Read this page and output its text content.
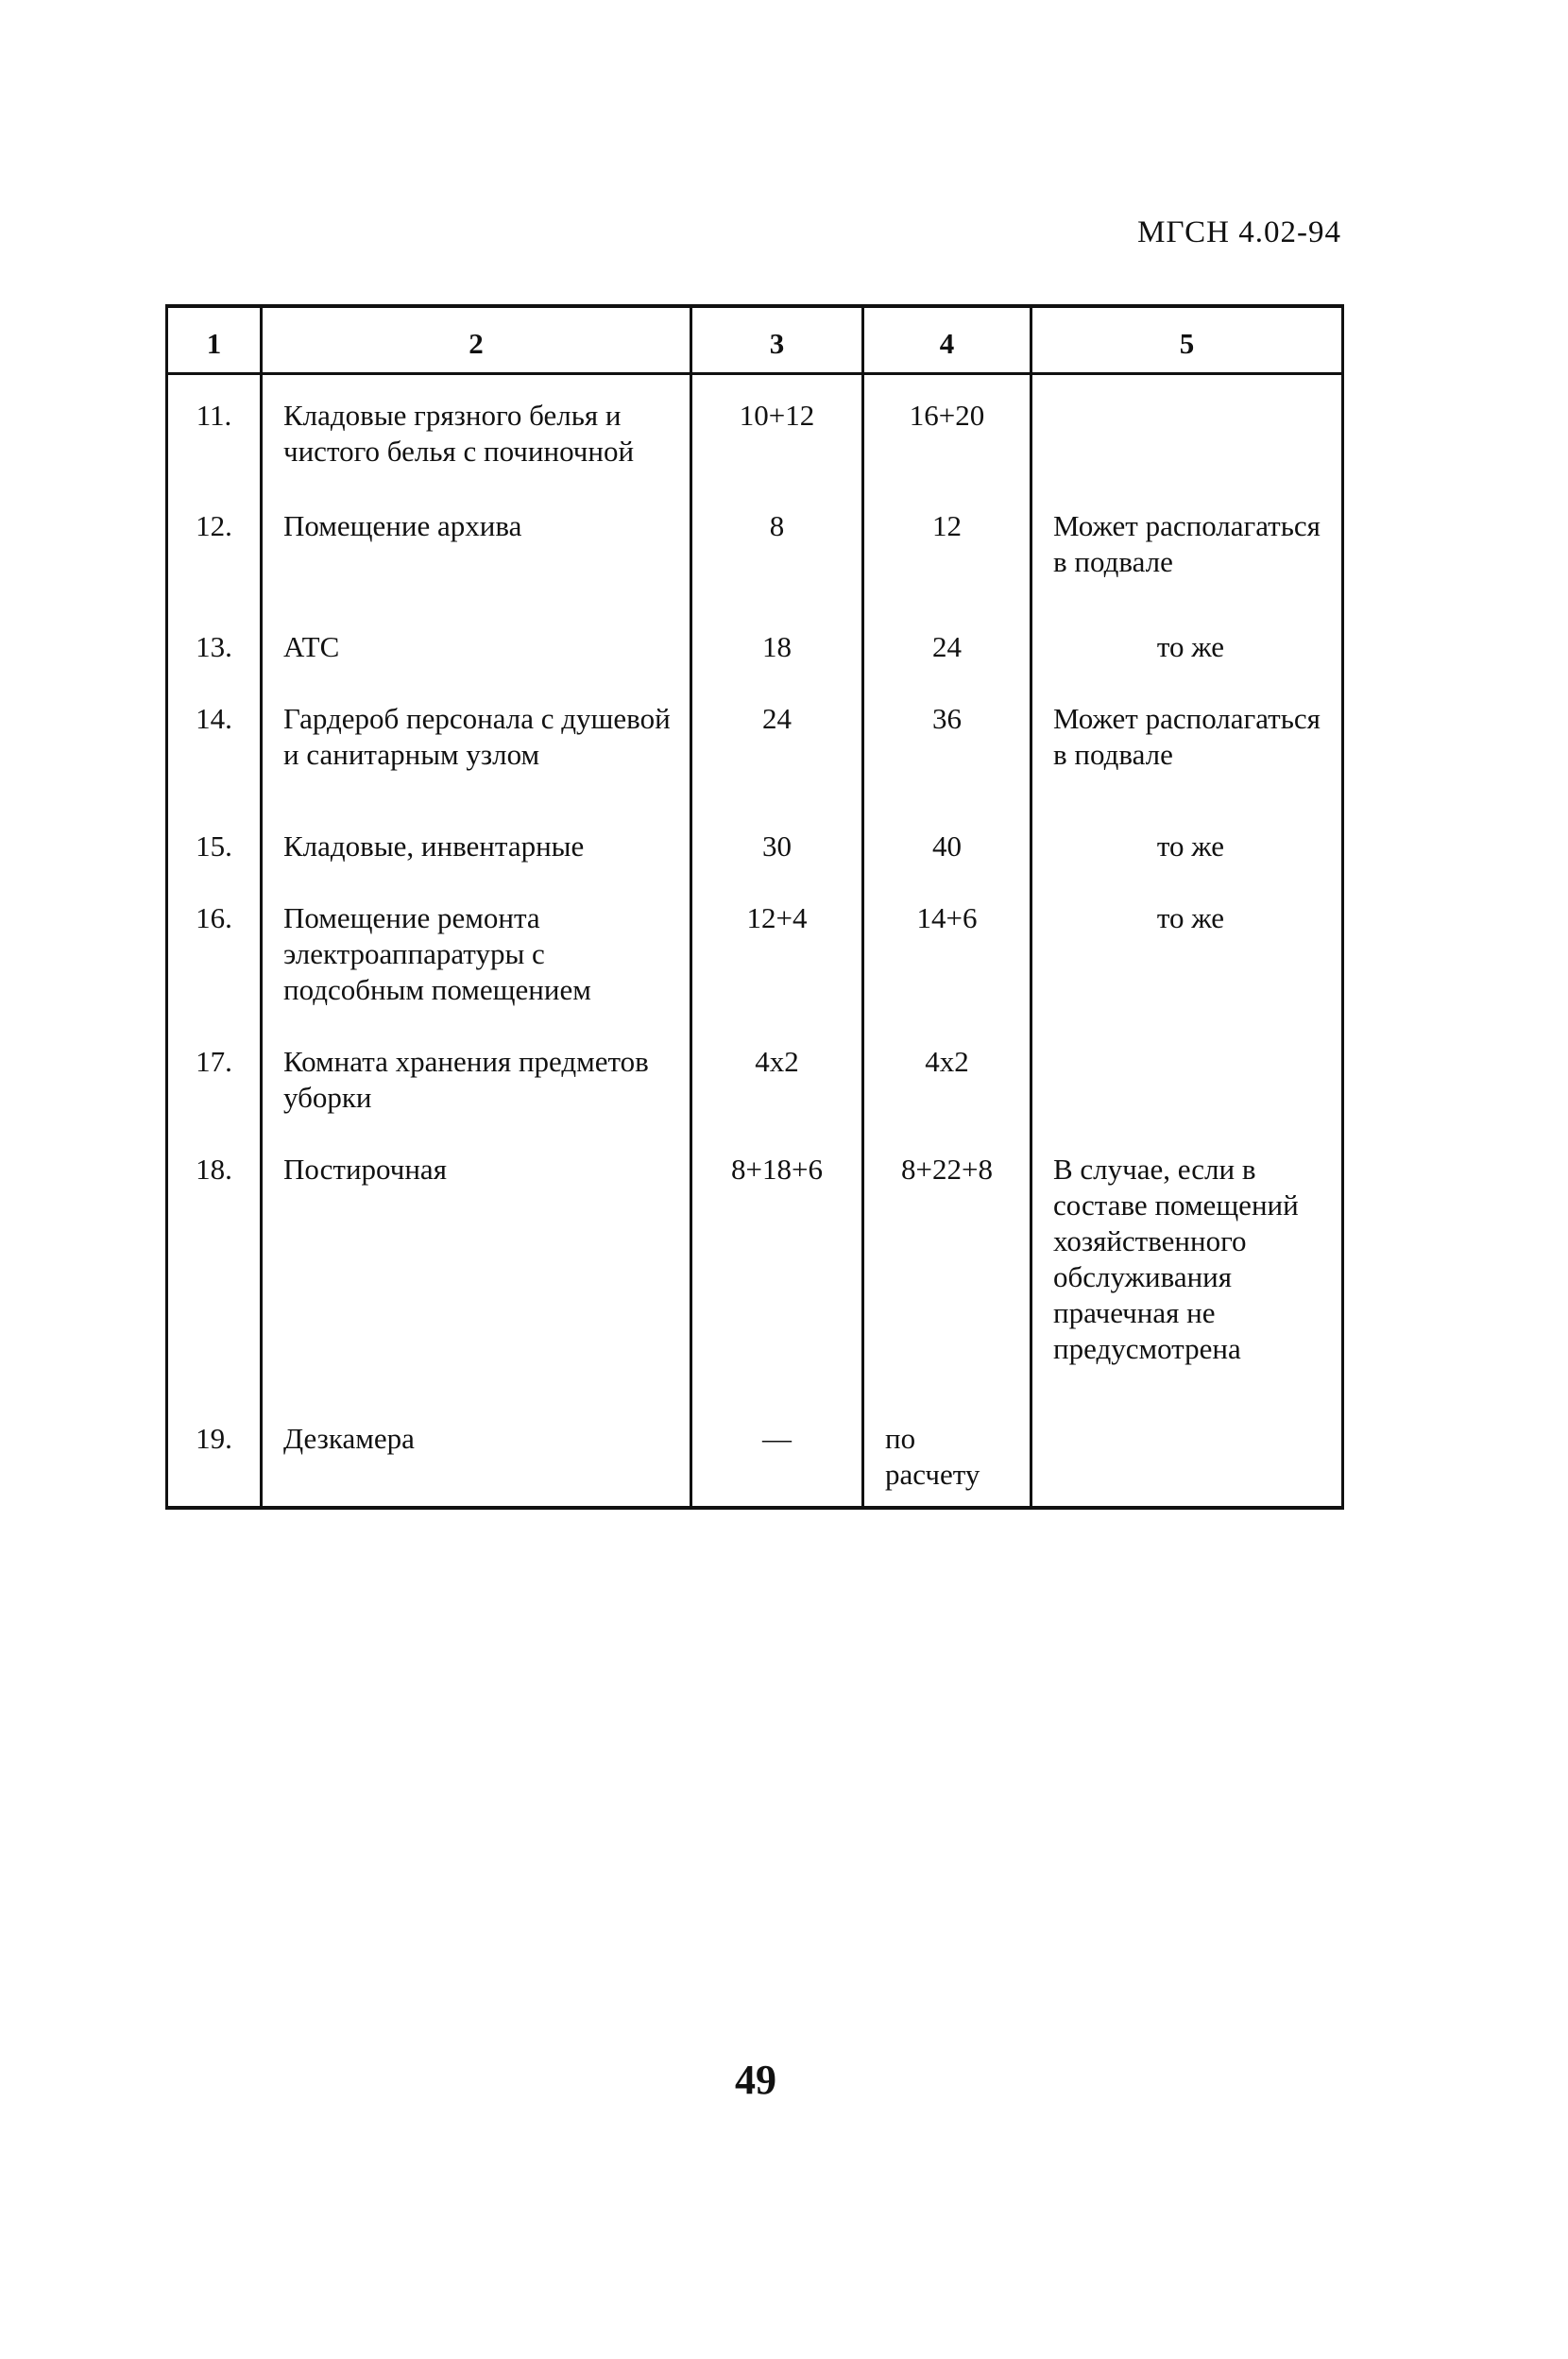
МГСН 4.02-94
1	2	3	4	5
11.	Кладовые грязного белья и чистого белья с починочной	10+12	16+20	
12.	Помещение архива	8	12	Может располагаться в подвале
13.	АТС	18	24	то же
14.	Гардероб персонала с душевой и санитарным узлом	24	36	Может располагаться в подвале
15.	Кладовые, инвентарные	30	40	то же
16.	Помещение ремонта электроаппаратуры с подсобным помещением	12+4	14+6	то же
17.	Комната хранения предметов уборки	4x2	4x2	
18.	Постирочная	8+18+6	8+22+8	В случае, если в составе помещений хозяйственного обслуживания прачечная не предусмотрена
19.	Дезкамера	—	по расчету	
49
